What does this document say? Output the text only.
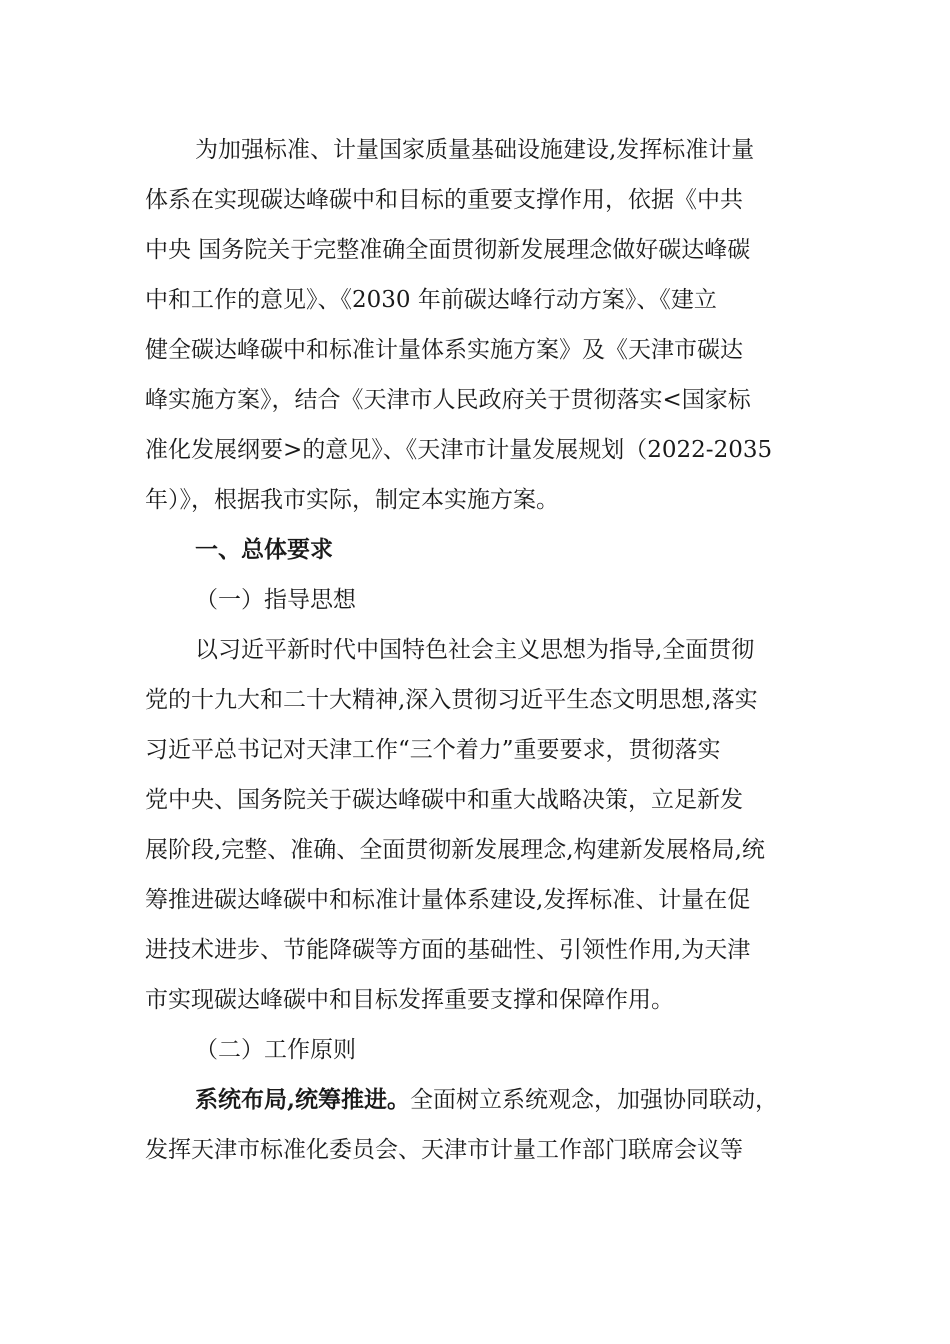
为加强标准、计量国家质量基础设施建设,发挥标准计量
体系在实现碳达峰碳中和目标的重要支撑作用，依据《中共
中央 国务院关于完整准确全面贯彻新发展理念做好碳达峰碳
中和工作的意见》、《2030 年前碳达峰行动方案》、《建立
健全碳达峰碳中和标准计量体系实施方案》及《天津市碳达
峰实施方案》，结合《天津市人民政府关于贯彻落实<国家标
准化发展纲要>的意见》、《天津市计量发展规划（2022-2035
年）》，根据我市实际，制定本实施方案。
一、总体要求
（一）指导思想
以习近平新时代中国特色社会主义思想为指导,全面贯彻
党的十九大和二十大精神,深入贯彻习近平生态文明思想,落实
习近平总书记对天津工作“三个着力”重要要求，贯彻落实
党中央、国务院关于碳达峰碳中和重大战略决策，立足新发
展阶段,完整、准确、全面贯彻新发展理念,构建新发展格局,统
筹推进碳达峰碳中和标准计量体系建设,发挥标准、计量在促
进技术进步、节能降碳等方面的基础性、引领性作用,为天津
市实现碳达峰碳中和目标发挥重要支撑和保障作用。
（二）工作原则
系统布局,统筹推进。全面树立系统观念，加强协同联动，
发挥天津市标准化委员会、天津市计量工作部门联席会议等
